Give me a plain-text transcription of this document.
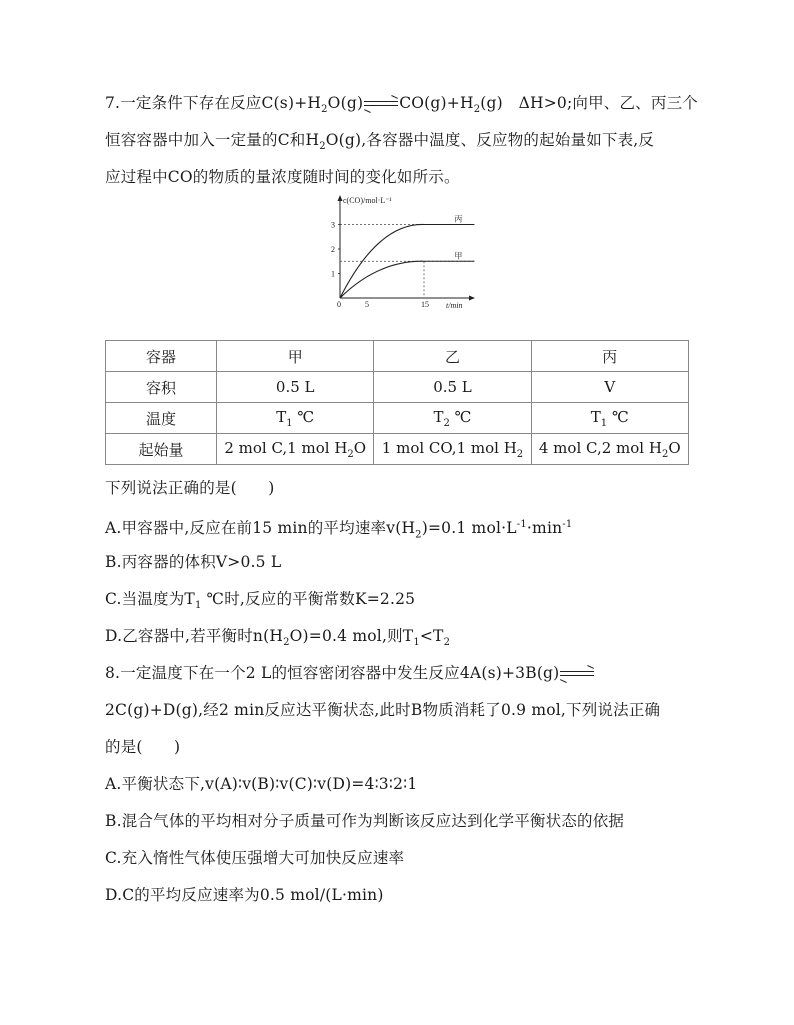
7.一定条件下存在反应$C(s)+H_2O(g)\to CO(g)+H_2(g)$　ΔH>0;向甲、乙、丙三个
恒容容器中加入一定量的C和$H_2O(g)$,各容器中温度、反应物的起始量如下表,反
应过程中CO的物质的量浓度随时间的变化如所示。
c(CO)/mol·L⁻¹
t/min
0	5	15
1
2
3
丙
甲
容器	甲	乙	丙
容积	0.5 L	0.5 L	V
温度	$T_1$ ℃	$T_2$ ℃	$T_1$ ℃
起始量	2 mol C,1 mol $H_2O$	1 mol CO,1 mol $H_2$	4 mol C,2 mol $H_2O$
下列说法正确的是(　　)
A.甲容器中,反应在前15 min的平均速率$v(H_2)=0.1$ $mol\cdot L^{-1}\cdot\min^{-1}$
B.丙容器的体积V>0.5 L
C.当温度为$T_1$ ℃时,反应的平衡常数K=2.25
D.乙容器中,若平衡时$n(H_2O)=0.4$ mol,则$T_1<T_2$
8.一定温度下在一个2 L的恒容密闭容器中发生反应4A(s)+3B(g)→
2C(g)+D(g),经2 min反应达平衡状态,此时B物质消耗了0.9 mol,下列说法正确
的是(　　)
A.平衡状态下,v(A)∶v(B)∶v(C)∶v(D)=4∶3∶2∶1
B.混合气体的平均相对分子质量可作为判断该反应达到化学平衡状态的依据
C.充入惰性气体使压强增大可加快反应速率
D.C的平均反应速率为0.5 mol/(L·min)
